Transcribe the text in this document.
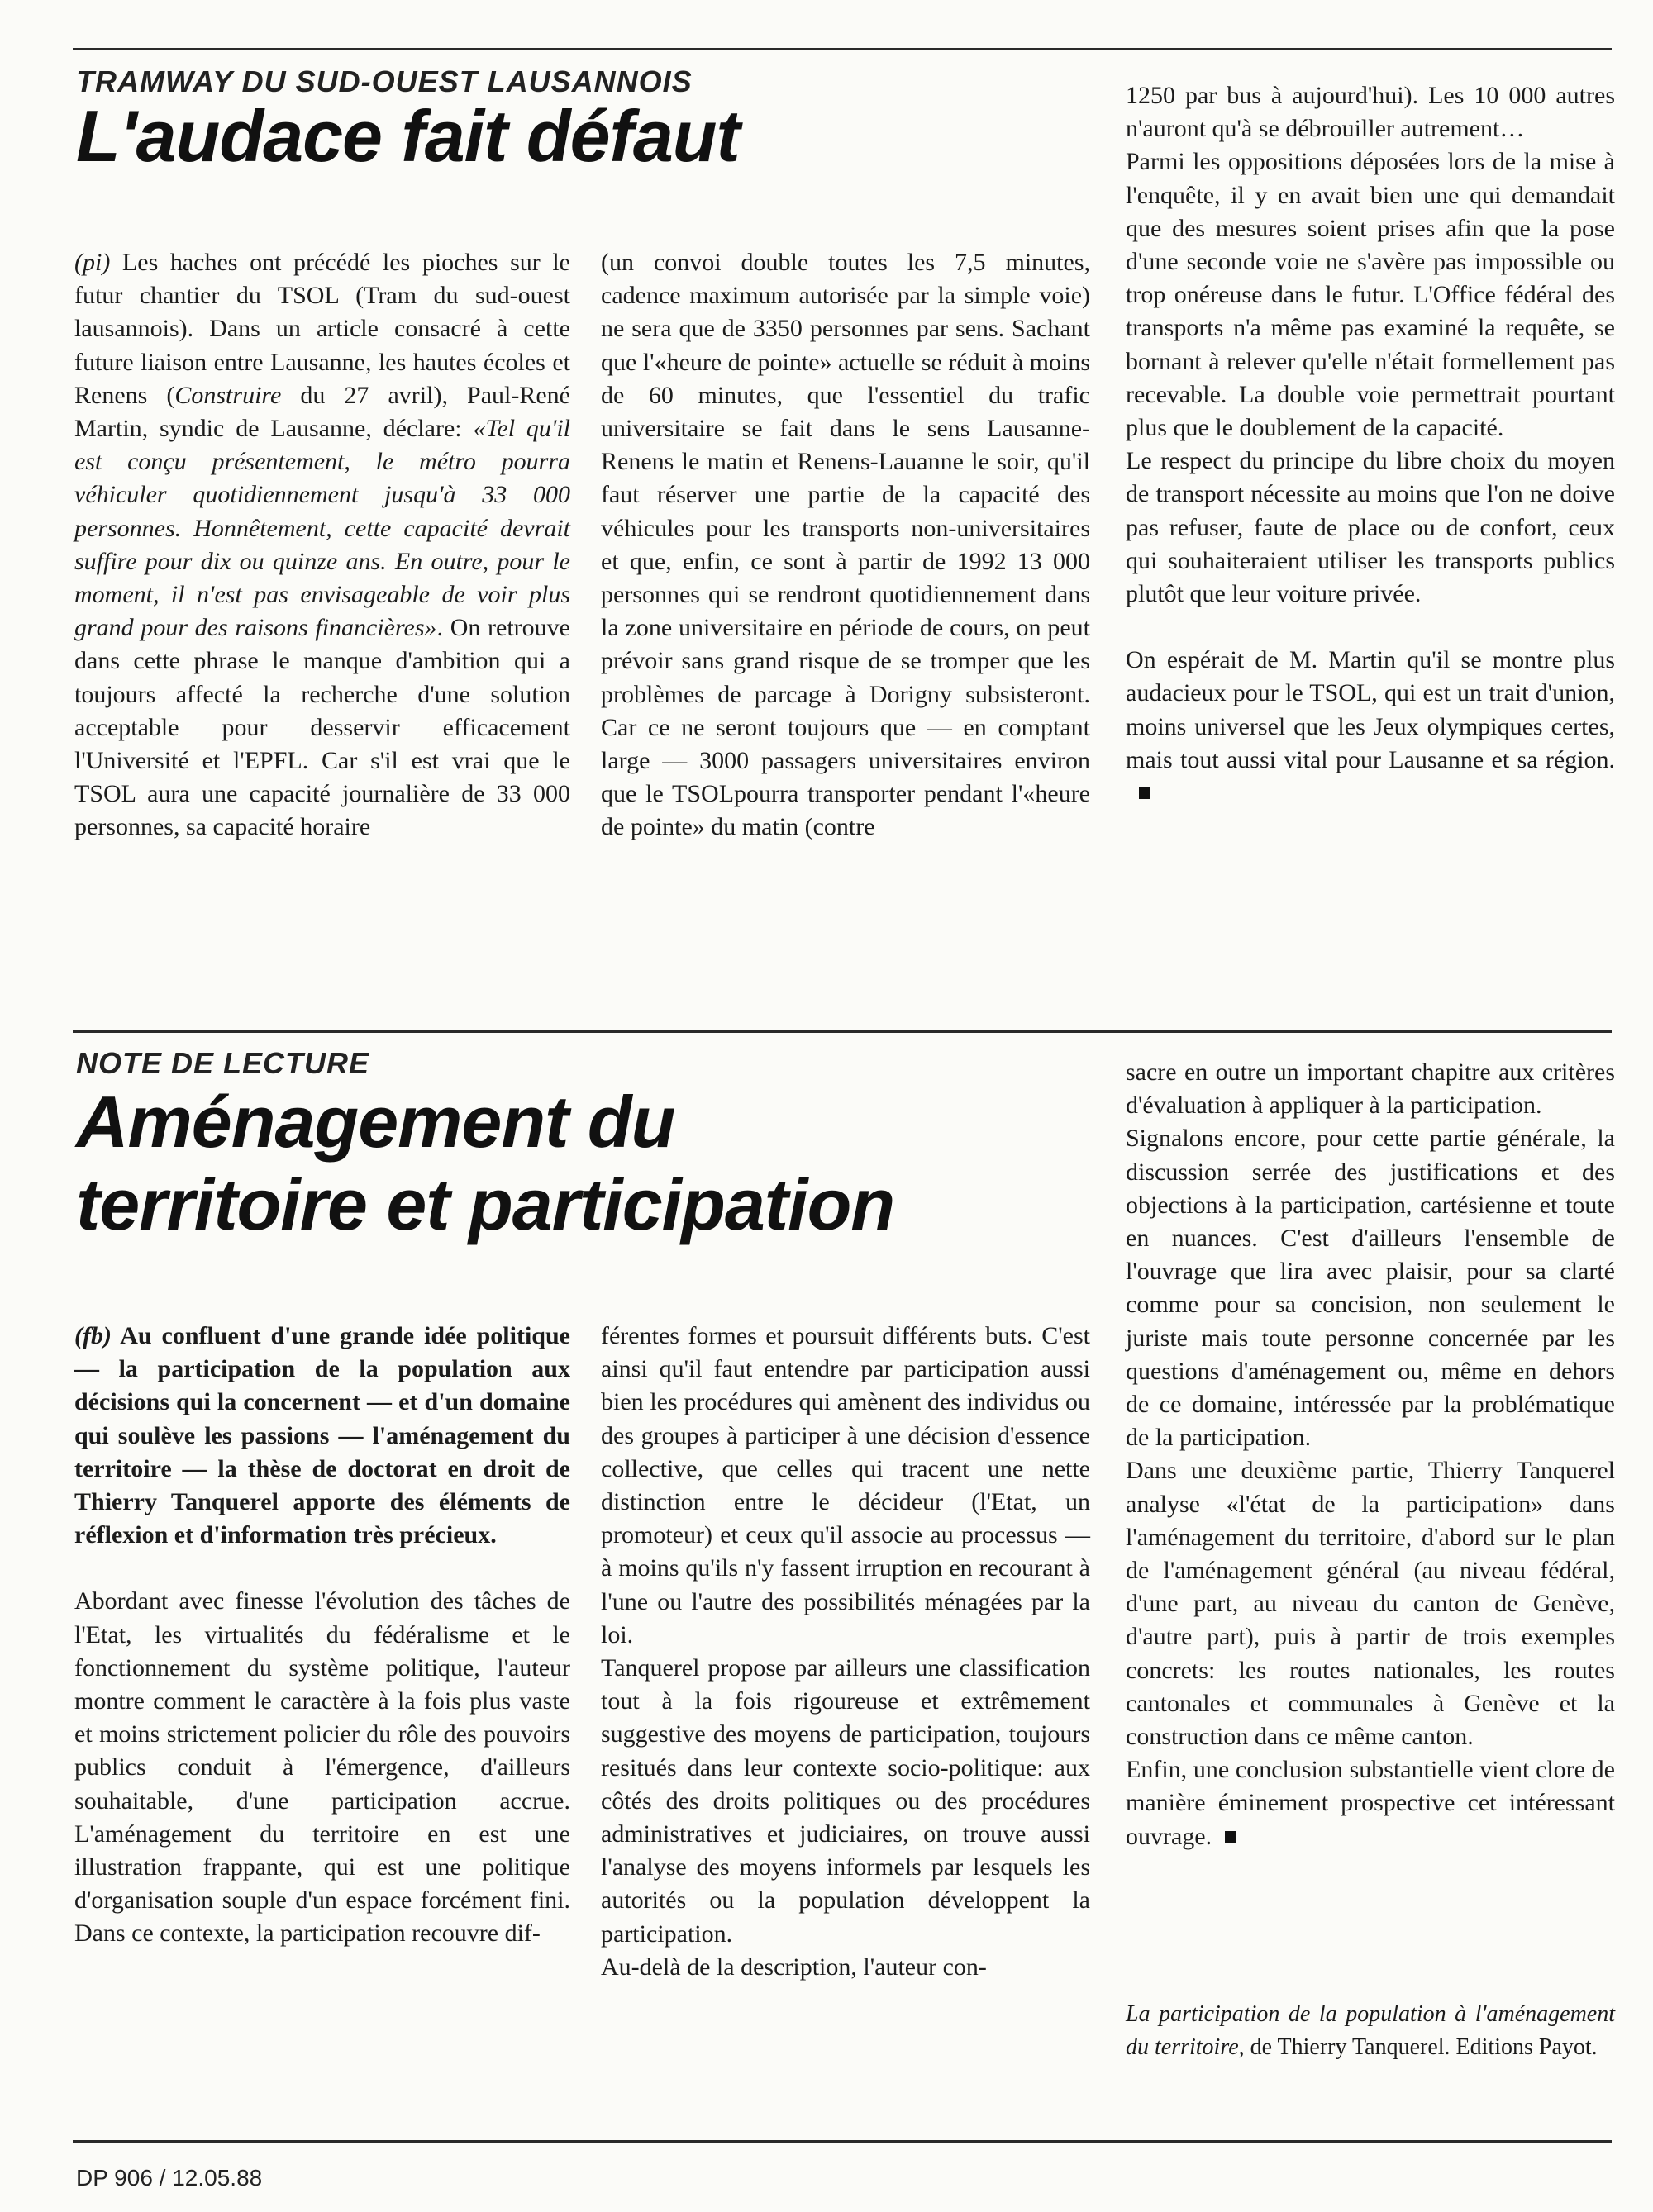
TRAMWAY DU SUD-OUEST LAUSANNOIS
L'audace fait défaut

(pi) Les haches ont précédé les pioches sur le futur chantier du TSOL (Tram du sud-ouest lausannois). Dans un article consacré à cette future liaison entre Lausanne, les hautes écoles et Renens (Construire du 27 avril), Paul-René Martin, syndic de Lausanne, déclare: «Tel qu'il est conçu présentement, le métro pourra véhiculer quotidiennement jusqu'à 33 000 personnes. Honnêtement, cette capacité devrait suffire pour dix ou quinze ans. En outre, pour le moment, il n'est pas envisageable de voir plus grand pour des raisons financières». On retrouve dans cette phrase le manque d'ambition qui a toujours affecté la recherche d'une solution acceptable pour desservir efficacement l'Université et l'EPFL. Car s'il est vrai que le TSOL aura une capacité journalière de 33 000 personnes, sa capacité horaire

(un convoi double toutes les 7,5 minutes, cadence maximum autorisée par la simple voie) ne sera que de 3350 personnes par sens. Sachant que l'«heure de pointe» actuelle se réduit à moins de 60 minutes, que l'essentiel du trafic universitaire se fait dans le sens Lausanne-Renens le matin et Renens-Lauanne le soir, qu'il faut réserver une partie de la capacité des véhicules pour les transports non-universitaires et que, enfin, ce sont à partir de 1992 13 000 personnes qui se rendront quotidiennement dans la zone universitaire en période de cours, on peut prévoir sans grand risque de se tromper que les problèmes de parcage à Dorigny subsisteront. Car ce ne seront toujours que — en comptant large — 3000 passagers universitaires environ que le TSOLpourra transporter pendant l'«heure de pointe» du matin (contre

1250 par bus à aujourd'hui). Les 10 000 autres n'auront qu'à se débrouiller autrement…

Parmi les oppositions déposées lors de la mise à l'enquête, il y en avait bien une qui demandait que des mesures soient prises afin que la pose d'une seconde voie ne s'avère pas impossible ou trop onéreuse dans le futur. L'Office fédéral des transports n'a même pas examiné la requête, se bornant à relever qu'elle n'était formellement pas recevable. La double voie permettrait pourtant plus que le doublement de la capacité.

Le respect du principe du libre choix du moyen de transport nécessite au moins que l'on ne doive pas refuser, faute de place ou de confort, ceux qui souhaiteraient utiliser les transports publics plutôt que leur voiture privée.

On espérait de M. Martin qu'il se montre plus audacieux pour le TSOL, qui est un trait d'union, moins universel que les Jeux olympiques certes, mais tout aussi vital pour Lausanne et sa région.

NOTE DE LECTURE
Aménagement du
territoire et participation

(fb) Au confluent d'une grande idée politique — la participation de la population aux décisions qui la concernent — et d'un domaine qui soulève les passions — l'aménagement du territoire — la thèse de doctorat en droit de Thierry Tanquerel apporte des éléments de réflexion et d'information très précieux.

Abordant avec finesse l'évolution des tâches de l'Etat, les virtualités du fédéralisme et le fonctionnement du système politique, l'auteur montre comment le caractère à la fois plus vaste et moins strictement policier du rôle des pouvoirs publics conduit à l'émergence, d'ailleurs souhaitable, d'une participation accrue. L'aménagement du territoire en est une illustration frappante, qui est une politique d'organisation souple d'un espace forcément fini. Dans ce contexte, la participation recouvre dif-

férentes formes et poursuit différents buts. C'est ainsi qu'il faut entendre par participation aussi bien les procédures qui amènent des individus ou des groupes à participer à une décision d'essence collective, que celles qui tracent une nette distinction entre le décideur (l'Etat, un promoteur) et ceux qu'il associe au processus — à moins qu'ils n'y fassent irruption en recourant à l'une ou l'autre des possibilités ménagées par la loi.

Tanquerel propose par ailleurs une classification tout à la fois rigoureuse et extrêmement suggestive des moyens de participation, toujours resitués dans leur contexte socio-politique: aux côtés des droits politiques ou des procédures administratives et judiciaires, on trouve aussi l'analyse des moyens informels par lesquels les autorités ou la population développent la participation.

Au-delà de la description, l'auteur con-

sacre en outre un important chapitre aux critères d'évaluation à appliquer à la participation.

Signalons encore, pour cette partie générale, la discussion serrée des justifications et des objections à la participation, cartésienne et toute en nuances. C'est d'ailleurs l'ensemble de l'ouvrage que lira avec plaisir, pour sa clarté comme pour sa concision, non seulement le juriste mais toute personne concernée par les questions d'aménagement ou, même en dehors de ce domaine, intéressée par la problématique de la participation.

Dans une deuxième partie, Thierry Tanquerel analyse «l'état de la participation» dans l'aménagement du territoire, d'abord sur le plan de l'aménagement général (au niveau fédéral, d'une part, au niveau du canton de Genève, d'autre part), puis à partir de trois exemples concrets: les routes nationales, les routes cantonales et communales à Genève et la construction dans ce même canton.

Enfin, une conclusion substantielle vient clore de manière éminement prospective cet intéressant ouvrage.

La participation de la population à l'aménagement du territoire, de Thierry Tanquerel. Editions Payot.

DP 906 / 12.05.88
